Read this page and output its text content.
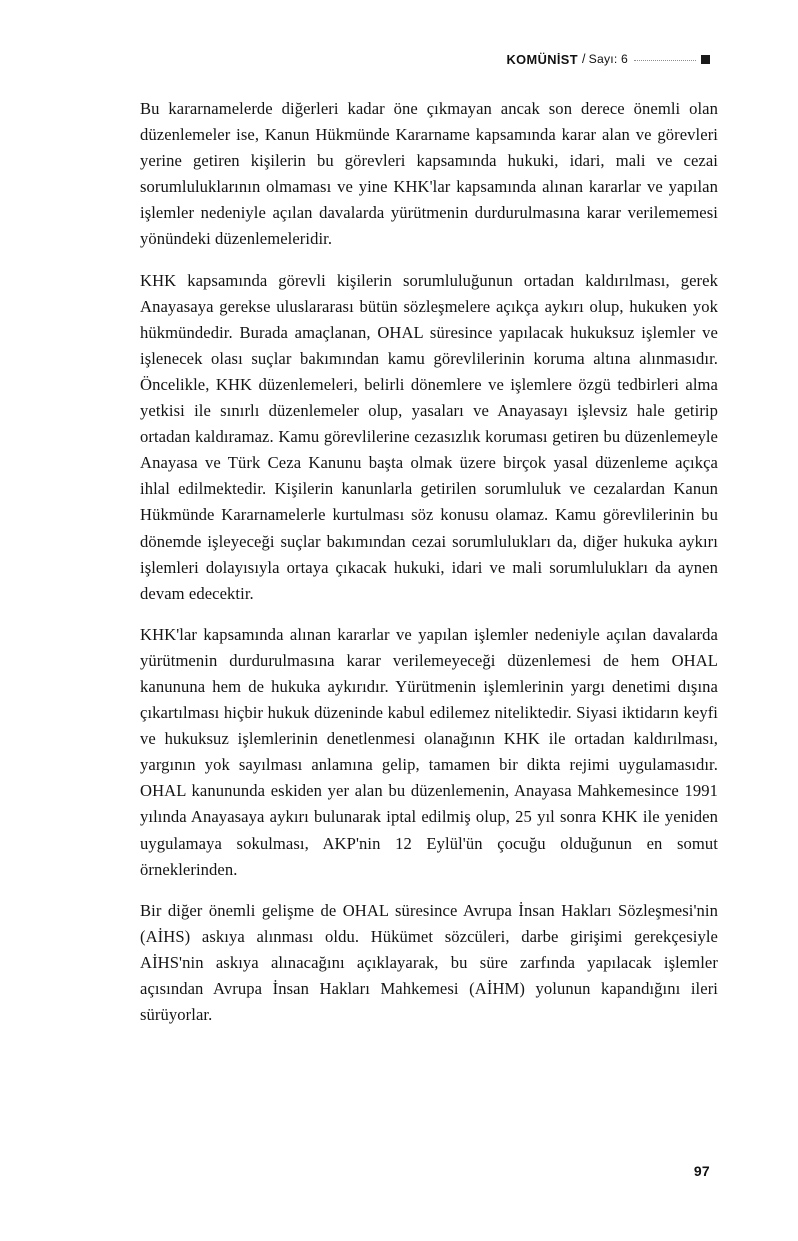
KOMÜNİST / Sayı: 6

Bu kararnamelerde diğerleri kadar öne çıkmayan ancak son derece önemli olan düzenlemeler ise, Kanun Hükmünde Kararname kapsamında karar alan ve görevleri yerine getiren kişilerin bu görevleri kapsamında hukuki, idari, mali ve cezai sorumluluklarının olmaması ve yine KHK'lar kapsamında alınan kararlar ve yapılan işlemler nedeniyle açılan davalarda yürütmenin durdurulmasına karar verilememesi yönündeki düzenlemeleridir.

KHK kapsamında görevli kişilerin sorumluluğunun ortadan kaldırılması, gerek Anayasaya gerekse uluslararası bütün sözleşmelere açıkça aykırı olup, hukuken yok hükmündedir. Burada amaçlanan, OHAL süresince yapılacak hukuksuz işlemler ve işlenecek olası suçlar bakımından kamu görevlilerinin koruma altına alınmasıdır. Öncelikle, KHK düzenlemeleri, belirli dönemlere ve işlemlere özgü tedbirleri alma yetkisi ile sınırlı düzenlemeler olup, yasaları ve Anayasayı işlevsiz hale getirip ortadan kaldıramaz. Kamu görevlilerine cezasızlık koruması getiren bu düzenlemeyle Anayasa ve Türk Ceza Kanunu başta olmak üzere birçok yasal düzenleme açıkça ihlal edilmektedir. Kişilerin kanunlarla getirilen sorumluluk ve cezalardan Kanun Hükmünde Kararnamelerle kurtulması söz konusu olamaz. Kamu görevlilerinin bu dönemde işleyeceği suçlar bakımından cezai sorumlulukları da, diğer hukuka aykırı işlemleri dolayısıyla ortaya çıkacak hukuki, idari ve mali sorumlulukları da aynen devam edecektir.

KHK'lar kapsamında alınan kararlar ve yapılan işlemler nedeniyle açılan davalarda yürütmenin durdurulmasına karar verilemeyeceği düzenlemesi de hem OHAL kanununa hem de hukuka aykırıdır. Yürütmenin işlemlerinin yargı denetimi dışına çıkartılması hiçbir hukuk düzeninde kabul edilemez niteliktedir. Siyasi iktidarın keyfi ve hukuksuz işlemlerinin denetlenmesi olanağının KHK ile ortadan kaldırılması, yargının yok sayılması anlamına gelip, tamamen bir dikta rejimi uygulamasıdır. OHAL kanununda eskiden yer alan bu düzenlemenin, Anayasa Mahkemesince 1991 yılında Anayasaya aykırı bulunarak iptal edilmiş olup, 25 yıl sonra KHK ile yeniden uygulamaya sokulması, AKP'nin 12 Eylül'ün çocuğu olduğunun en somut örneklerinden.

Bir diğer önemli gelişme de OHAL süresince Avrupa İnsan Hakları Sözleşmesi'nin (AİHS) askıya alınması oldu. Hükümet sözcüleri, darbe girişimi gerekçesiyle AİHS'nin askıya alınacağını açıklayarak, bu süre zarfında yapılacak işlemler açısından Avrupa İnsan Hakları Mahkemesi (AİHM) yolunun kapandığını ileri sürüyorlar.

97
